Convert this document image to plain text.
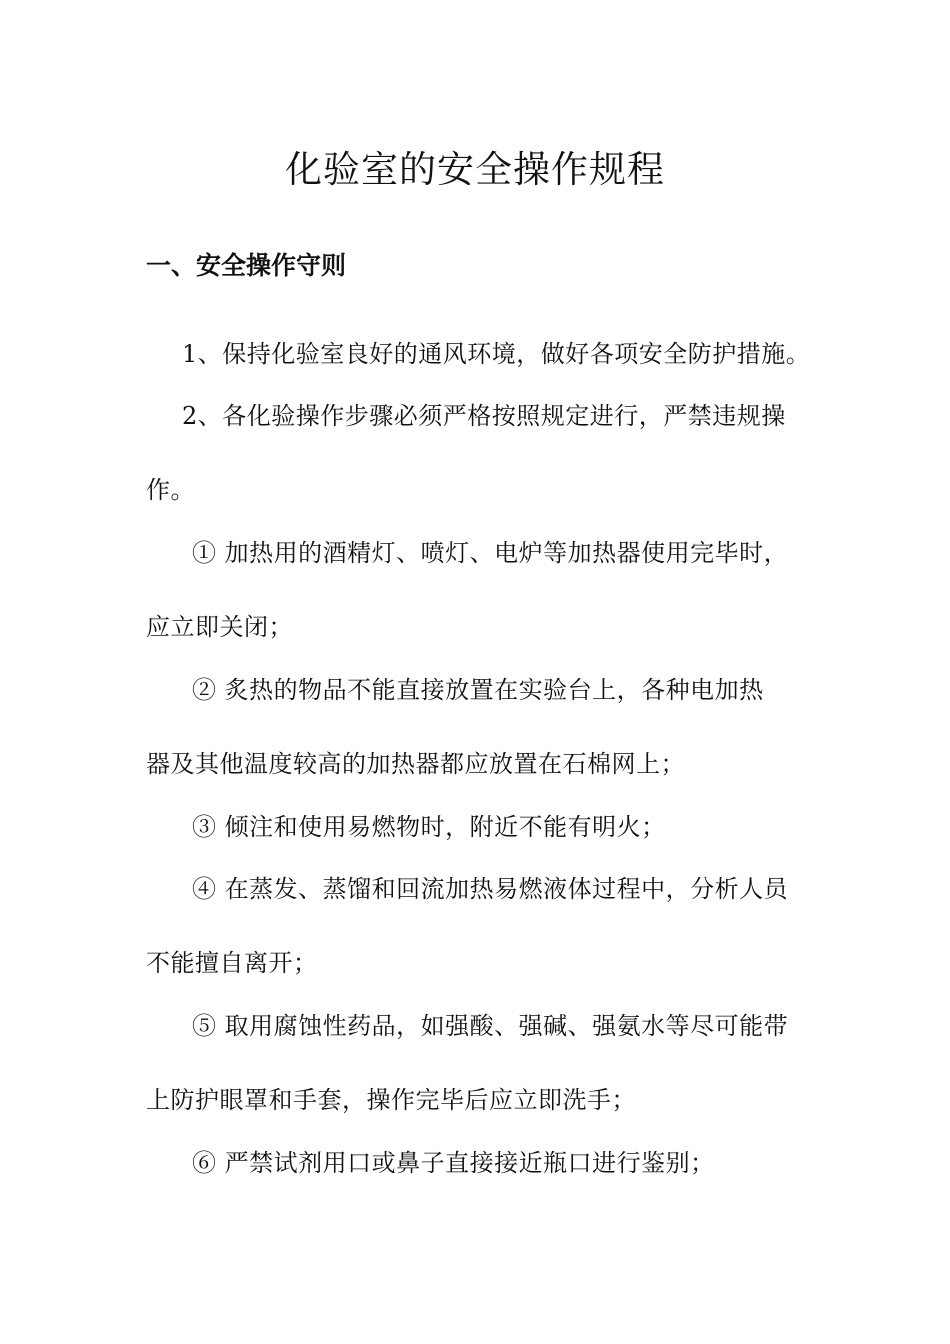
化验室的安全操作规程
一、安全操作守则
1、保持化验室良好的通风环境，做好各项安全防护措施。
2、各化验操作步骤必须严格按照规定进行，严禁违规操
作。
① 加热用的酒精灯、喷灯、电炉等加热器使用完毕时，
应立即关闭；
② 炙热的物品不能直接放置在实验台上，各种电加热
器及其他温度较高的加热器都应放置在石棉网上；
③ 倾注和使用易燃物时，附近不能有明火；
④ 在蒸发、蒸馏和回流加热易燃液体过程中，分析人员
不能擅自离开；
⑤ 取用腐蚀性药品，如强酸、强碱、强氨水等尽可能带
上防护眼罩和手套，操作完毕后应立即洗手；
⑥ 严禁试剂用口或鼻子直接接近瓶口进行鉴别；
